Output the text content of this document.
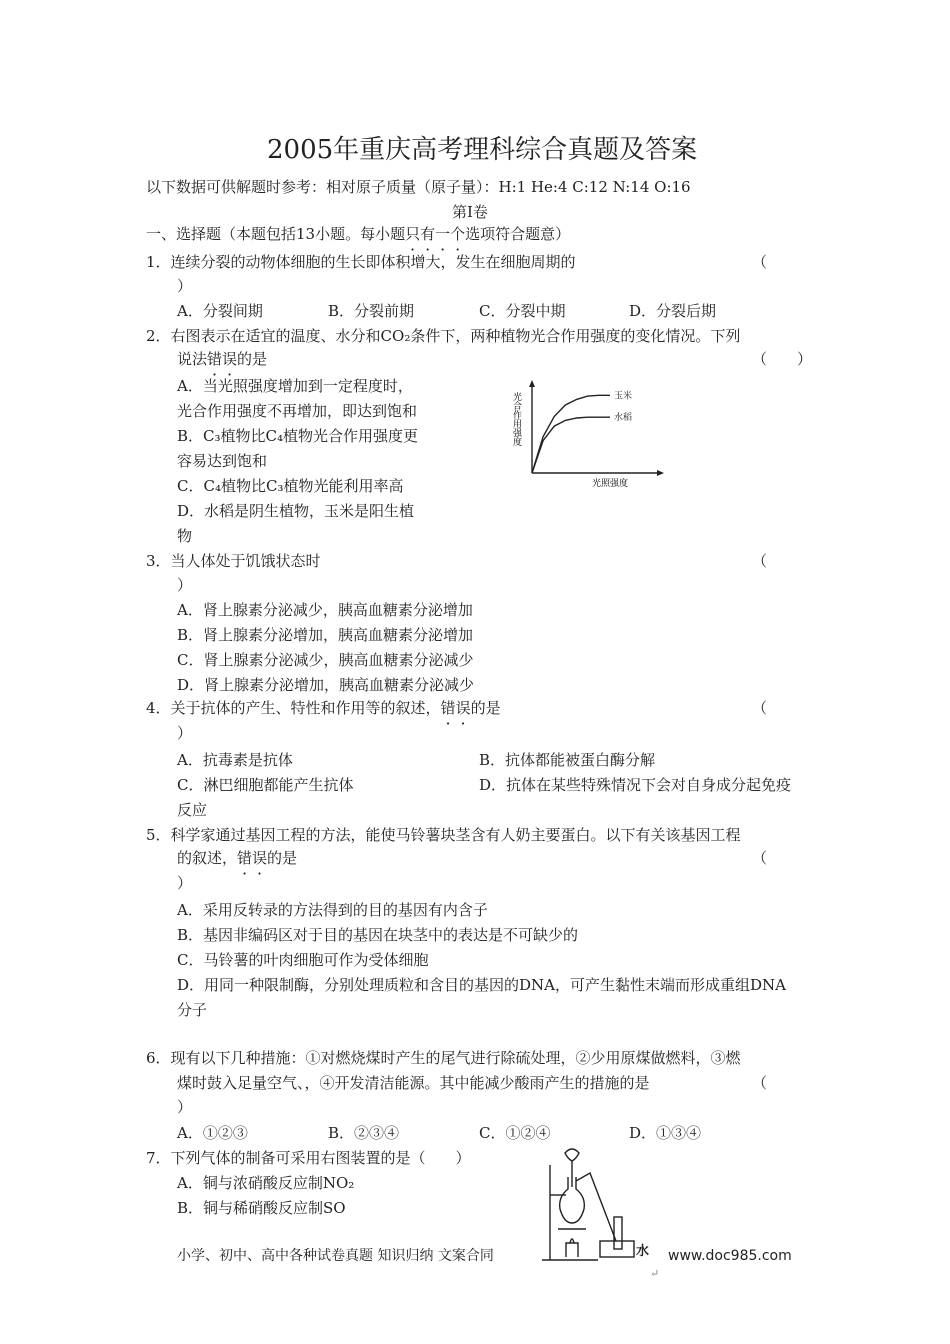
2005年重庆高考理科综合真题及答案
以下数据可供解题时参考：相对原子质量（原子量）：H:1 He:4 C:12 N:14 O:16
第Ⅰ卷
一、选择题（本题包括13小题。每小题只有一个选项符合题意）
1．连续分裂的动物体细胞的生长即体积增大，发生在细胞周期的	（
）
A．分裂间期	B．分裂前期	C．分裂中期	D．分裂后期
2．右图表示在适宜的温度、水分和CO₂条件下，两种植物光合作用强度的变化情况。下列
说法错误的是	（　　）
A．当光照强度增加到一定程度时，
光合作用强度不再增加，即达到饱和
B．C₃植物比C₄植物光合作用强度更
容易达到饱和
C．C₄植物比C₃植物光能利用率高
D．水稻是阴生植物，玉米是阳生植
物
光合作用强度
光照强度
玉米
水稻
3．当人体处于饥饿状态时	（
）
A．肾上腺素分泌减少，胰高血糖素分泌增加
B．肾上腺素分泌增加，胰高血糖素分泌增加
C．肾上腺素分泌减少，胰高血糖素分泌减少
D．肾上腺素分泌增加，胰高血糖素分泌减少
4．关于抗体的产生、特性和作用等的叙述，错误的是	（
）
A．抗毒素是抗体	B．抗体都能被蛋白酶分解
C．淋巴细胞都能产生抗体	D．抗体在某些特殊情况下会对自身成分起免疫
反应
5．科学家通过基因工程的方法，能使马铃薯块茎含有人奶主要蛋白。以下有关该基因工程
的叙述，错误的是	（
）
A．采用反转录的方法得到的目的基因有内含子
B．基因非编码区对于目的基因在块茎中的表达是不可缺少的
C．马铃薯的叶肉细胞可作为受体细胞
D．用同一种限制酶，分别处理质粒和含目的基因的DNA，可产生黏性末端而形成重组DNA
分子
6．现有以下几种措施：①对燃烧煤时产生的尾气进行除硫处理，②少用原煤做燃料，③燃
煤时鼓入足量空气、，④开发清洁能源。其中能减少酸雨产生的措施的是	（
）
A．①②③	B．②③④	C．①②④	D．①③④
7．下列气体的制备可采用右图装置的是（　　）
A．铜与浓硝酸反应制NO₂
B．铜与稀硝酸反应制SO
水
小学、初中、高中各种试卷真题 知识归纳 文案合同	www.doc985.com
↵
